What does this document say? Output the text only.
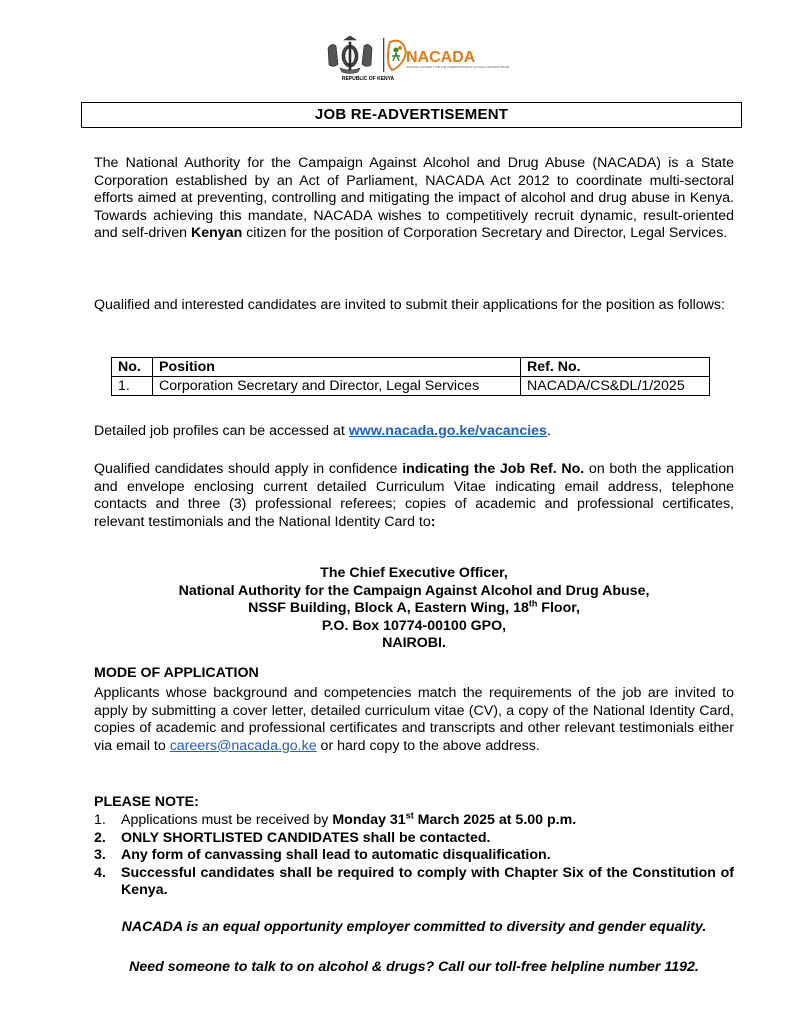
REPUBLIC OF KENYA
NACADA
NATIONAL AUTHORITY FOR THE CAMPAIGN AGAINST ALCOHOL AND DRUG ABUSE
JOB RE-ADVERTISEMENT
The National Authority for the Campaign Against Alcohol and Drug Abuse (NACADA) is a State Corporation established by an Act of Parliament, NACADA Act 2012 to coordinate multi-sectoral efforts aimed at preventing, controlling and mitigating the impact of alcohol and drug abuse in Kenya. Towards achieving this mandate, NACADA wishes to competitively recruit dynamic, result-oriented and self-driven Kenyan citizen for the position of Corporation Secretary and Director, Legal Services.
Qualified and interested candidates are invited to submit their applications for the position as follows:
No.	Position	Ref. No.
1.	Corporation Secretary and Director, Legal Services	NACADA/CS&DL/1/2025
Detailed job profiles can be accessed at www.nacada.go.ke/vacancies.
Qualified candidates should apply in confidence indicating the Job Ref. No. on both the application and envelope enclosing current detailed Curriculum Vitae indicating email address, telephone contacts and three (3) professional referees; copies of academic and professional certificates, relevant testimonials and the National Identity Card to:
The Chief Executive Officer,
National Authority for the Campaign Against Alcohol and Drug Abuse,
NSSF Building, Block A, Eastern Wing, 18th Floor,
P.O. Box 10774-00100 GPO,
NAIROBI.
MODE OF APPLICATION
Applicants whose background and competencies match the requirements of the job are invited to apply by submitting a cover letter, detailed curriculum vitae (CV), a copy of the National Identity Card, copies of academic and professional certificates and transcripts and other relevant testimonials either via email to careers@nacada.go.ke or hard copy to the above address.
PLEASE NOTE:
1. Applications must be received by Monday 31st March 2025 at 5.00 p.m.
2. ONLY SHORTLISTED CANDIDATES shall be contacted.
3. Any form of canvassing shall lead to automatic disqualification.
4. Successful candidates shall be required to comply with Chapter Six of the Constitution of Kenya.
NACADA is an equal opportunity employer committed to diversity and gender equality.
Need someone to talk to on alcohol & drugs? Call our toll-free helpline number 1192.
